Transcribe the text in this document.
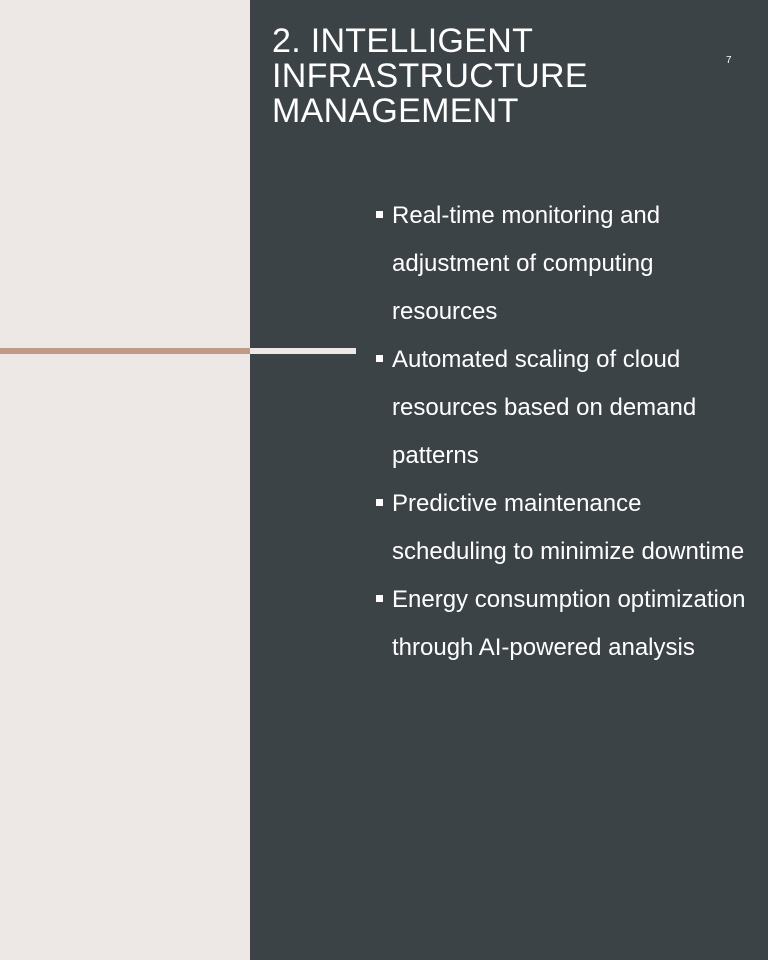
2. INTELLIGENT
INFRASTRUCTURE
MANAGEMENT
7
Real-time monitoring and adjustment of computing resources
Automated scaling of cloud resources based on demand patterns
Predictive maintenance scheduling to minimize downtime
Energy consumption optimization through AI-powered analysis
